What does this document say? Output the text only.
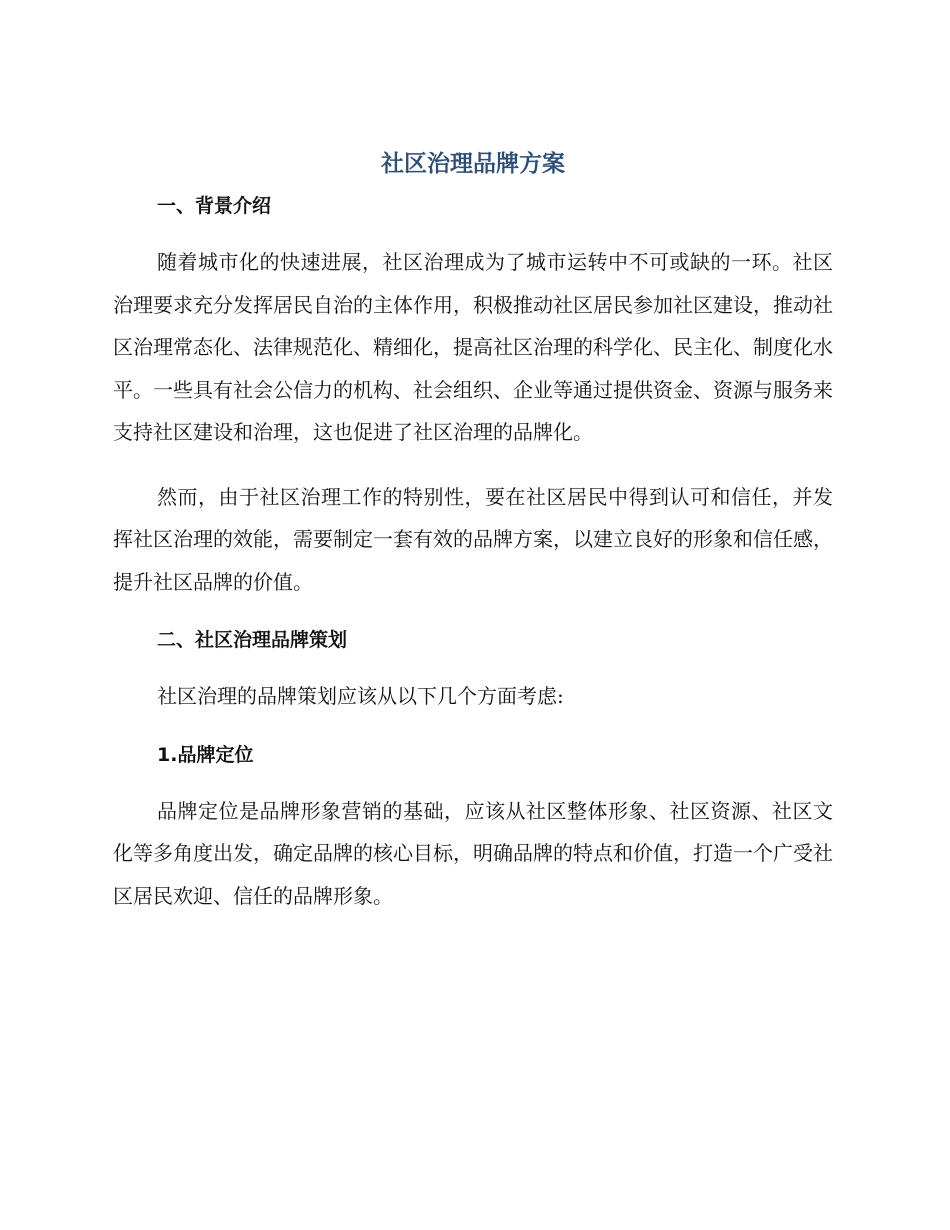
社区治理品牌方案
一、背景介绍

随着城市化的快速进展，社区治理成为了城市运转中不可或缺的一环。社区治理要求充分发挥居民自治的主体作用，积极推动社区居民参加社区建设，推动社区治理常态化、法律规范化、精细化，提高社区治理的科学化、民主化、制度化水平。一些具有社会公信力的机构、社会组织、企业等通过提供资金、资源与服务来支持社区建设和治理，这也促进了社区治理的品牌化。

然而，由于社区治理工作的特别性，要在社区居民中得到认可和信任，并发挥社区治理的效能，需要制定一套有效的品牌方案，以建立良好的形象和信任感，提升社区品牌的价值。

二、社区治理品牌策划

社区治理的品牌策划应该从以下几个方面考虑:

1.品牌定位

品牌定位是品牌形象营销的基础，应该从社区整体形象、社区资源、社区文化等多角度出发，确定品牌的核心目标，明确品牌的特点和价值，打造一个广受社区居民欢迎、信任的品牌形象。
